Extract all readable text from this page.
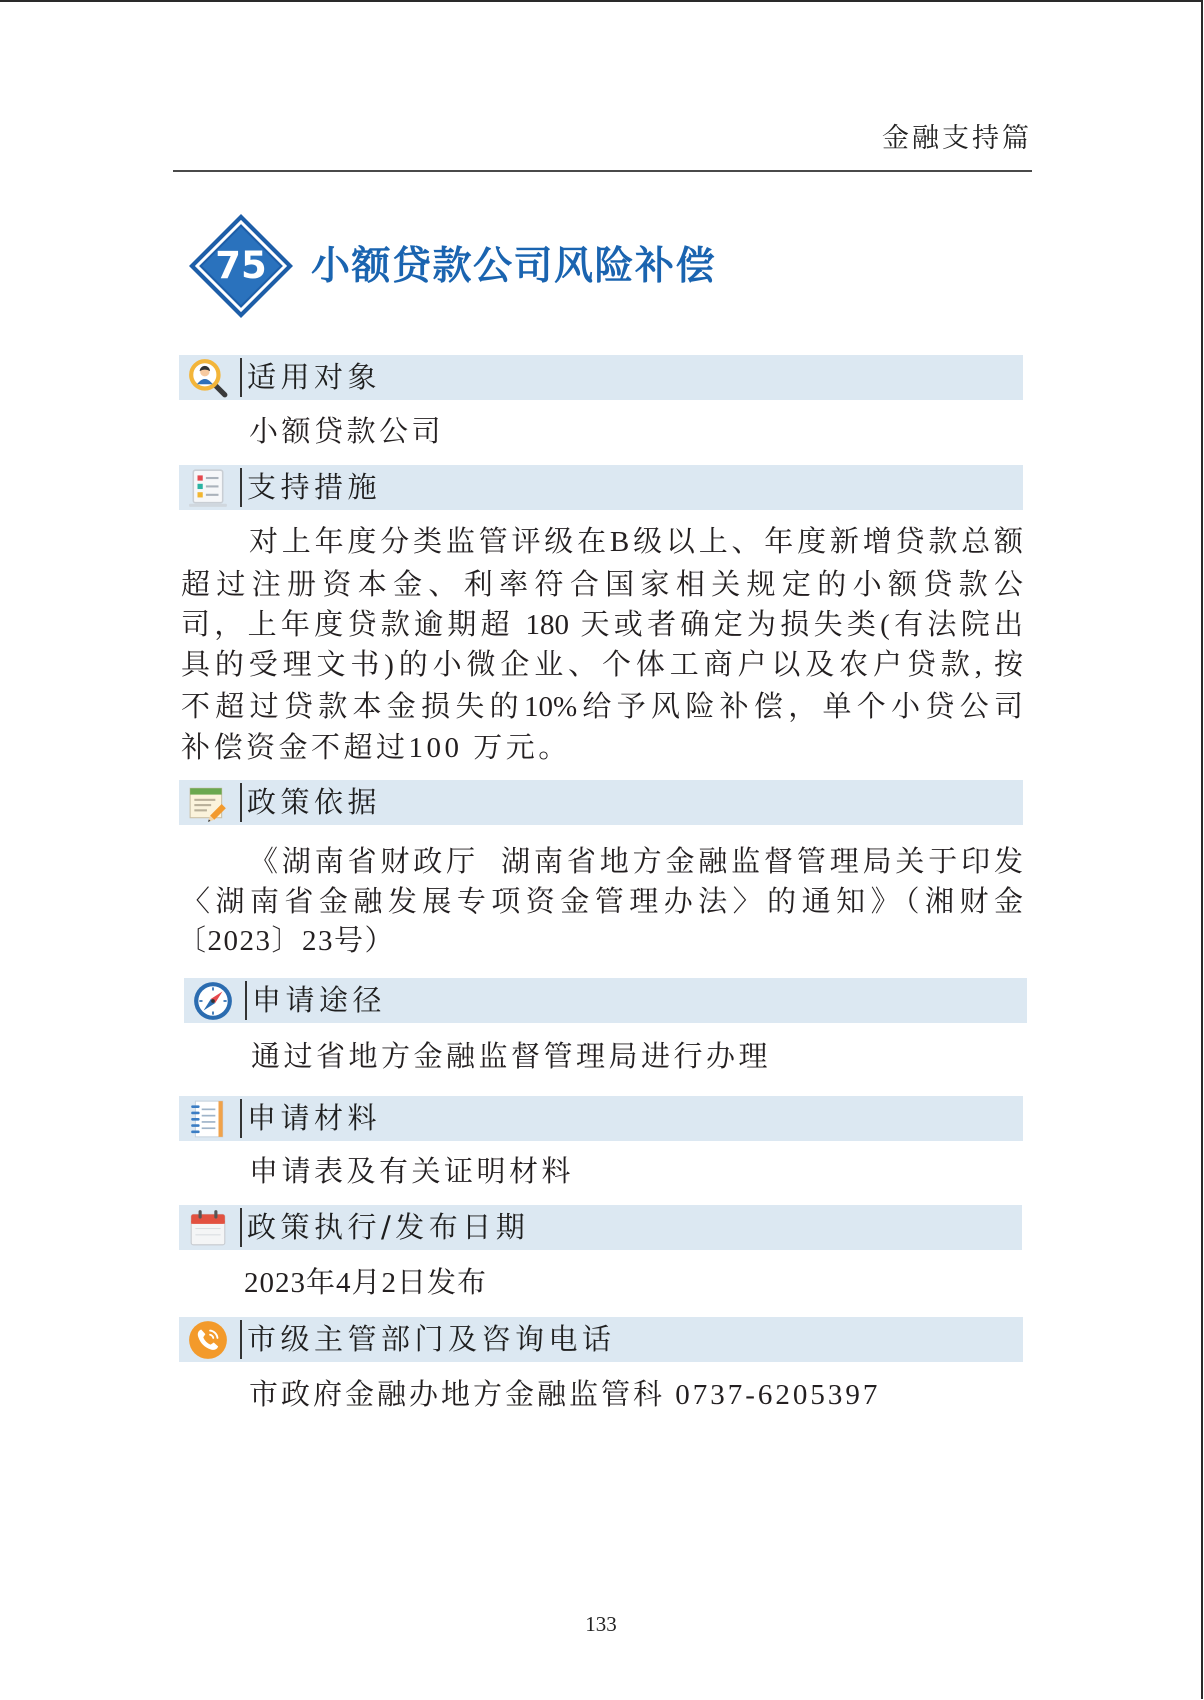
金融支持篇
75	小额贷款公司风险补偿
适用对象

小额贷款公司

支持措施

对上年度分类监管评级在B级以上、年度新增贷款总额

超过注册资本金、利率符合国家相关规定的小额贷款公

司，上年度贷款逾期超 180 天或者确定为损失类(有法院出

具的受理文书)的小微企业、个体工商户以及农户贷款, 按

不超过贷款本金损失的10%给予风险补偿，单个小贷公司

补偿资金不超过100 万元。

政策依据

《湖南省财政厅  湖南省地方金融监督管理局关于印发

〈湖南省金融发展专项资金管理办法〉的通知》（湘财金

〔2023〕23号）

申请途径

通过省地方金融监督管理局进行办理

申请材料

申请表及有关证明材料

政策执行/发布日期

2023年4月2日发布

市级主管部门及咨询电话

市政府金融办地方金融监管科 0737-6205397

133
